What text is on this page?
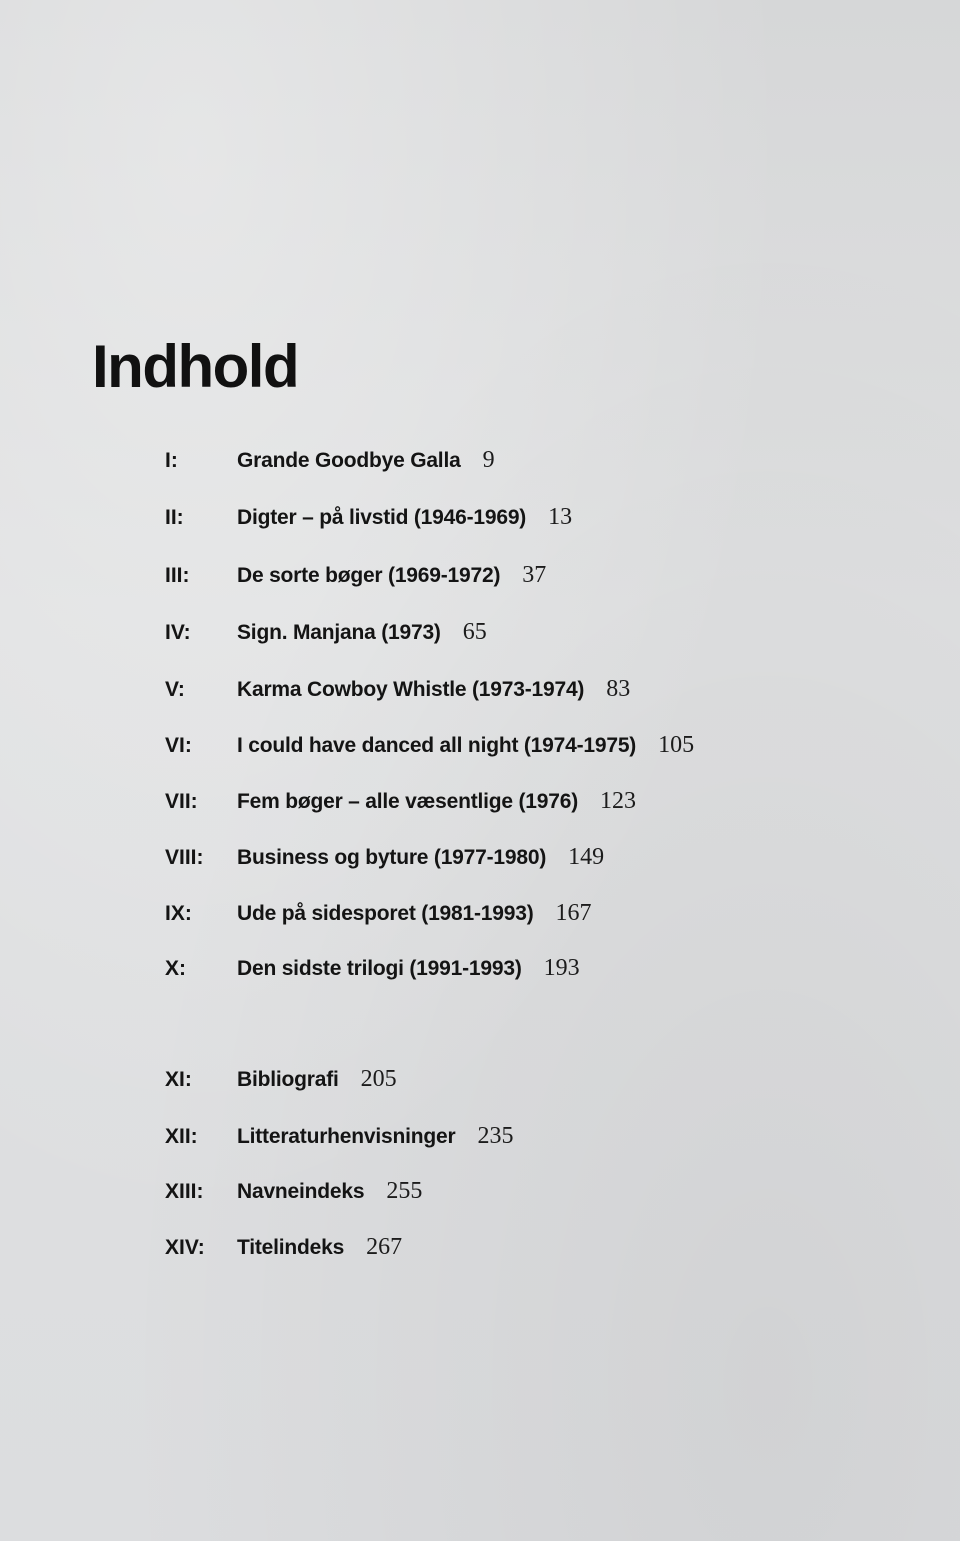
Indhold
I:	Grande Goodbye Galla 9
II:	Digter – på livstid (1946-1969) 13
III:	De sorte bøger (1969-1972) 37
IV:	Sign. Manjana (1973) 65
V:	Karma Cowboy Whistle (1973-1974) 83
VI:	I could have danced all night (1974-1975) 105
VII:	Fem bøger – alle væsentlige (1976) 123
VIII:	Business og byture (1977-1980) 149
IX:	Ude på sidesporet (1981-1993) 167
X:	Den sidste trilogi (1991-1993) 193
XI:	Bibliografi 205
XII:	Litteraturhenvisninger 235
XIII:	Navneindeks 255
XIV:	Titelindeks 267
